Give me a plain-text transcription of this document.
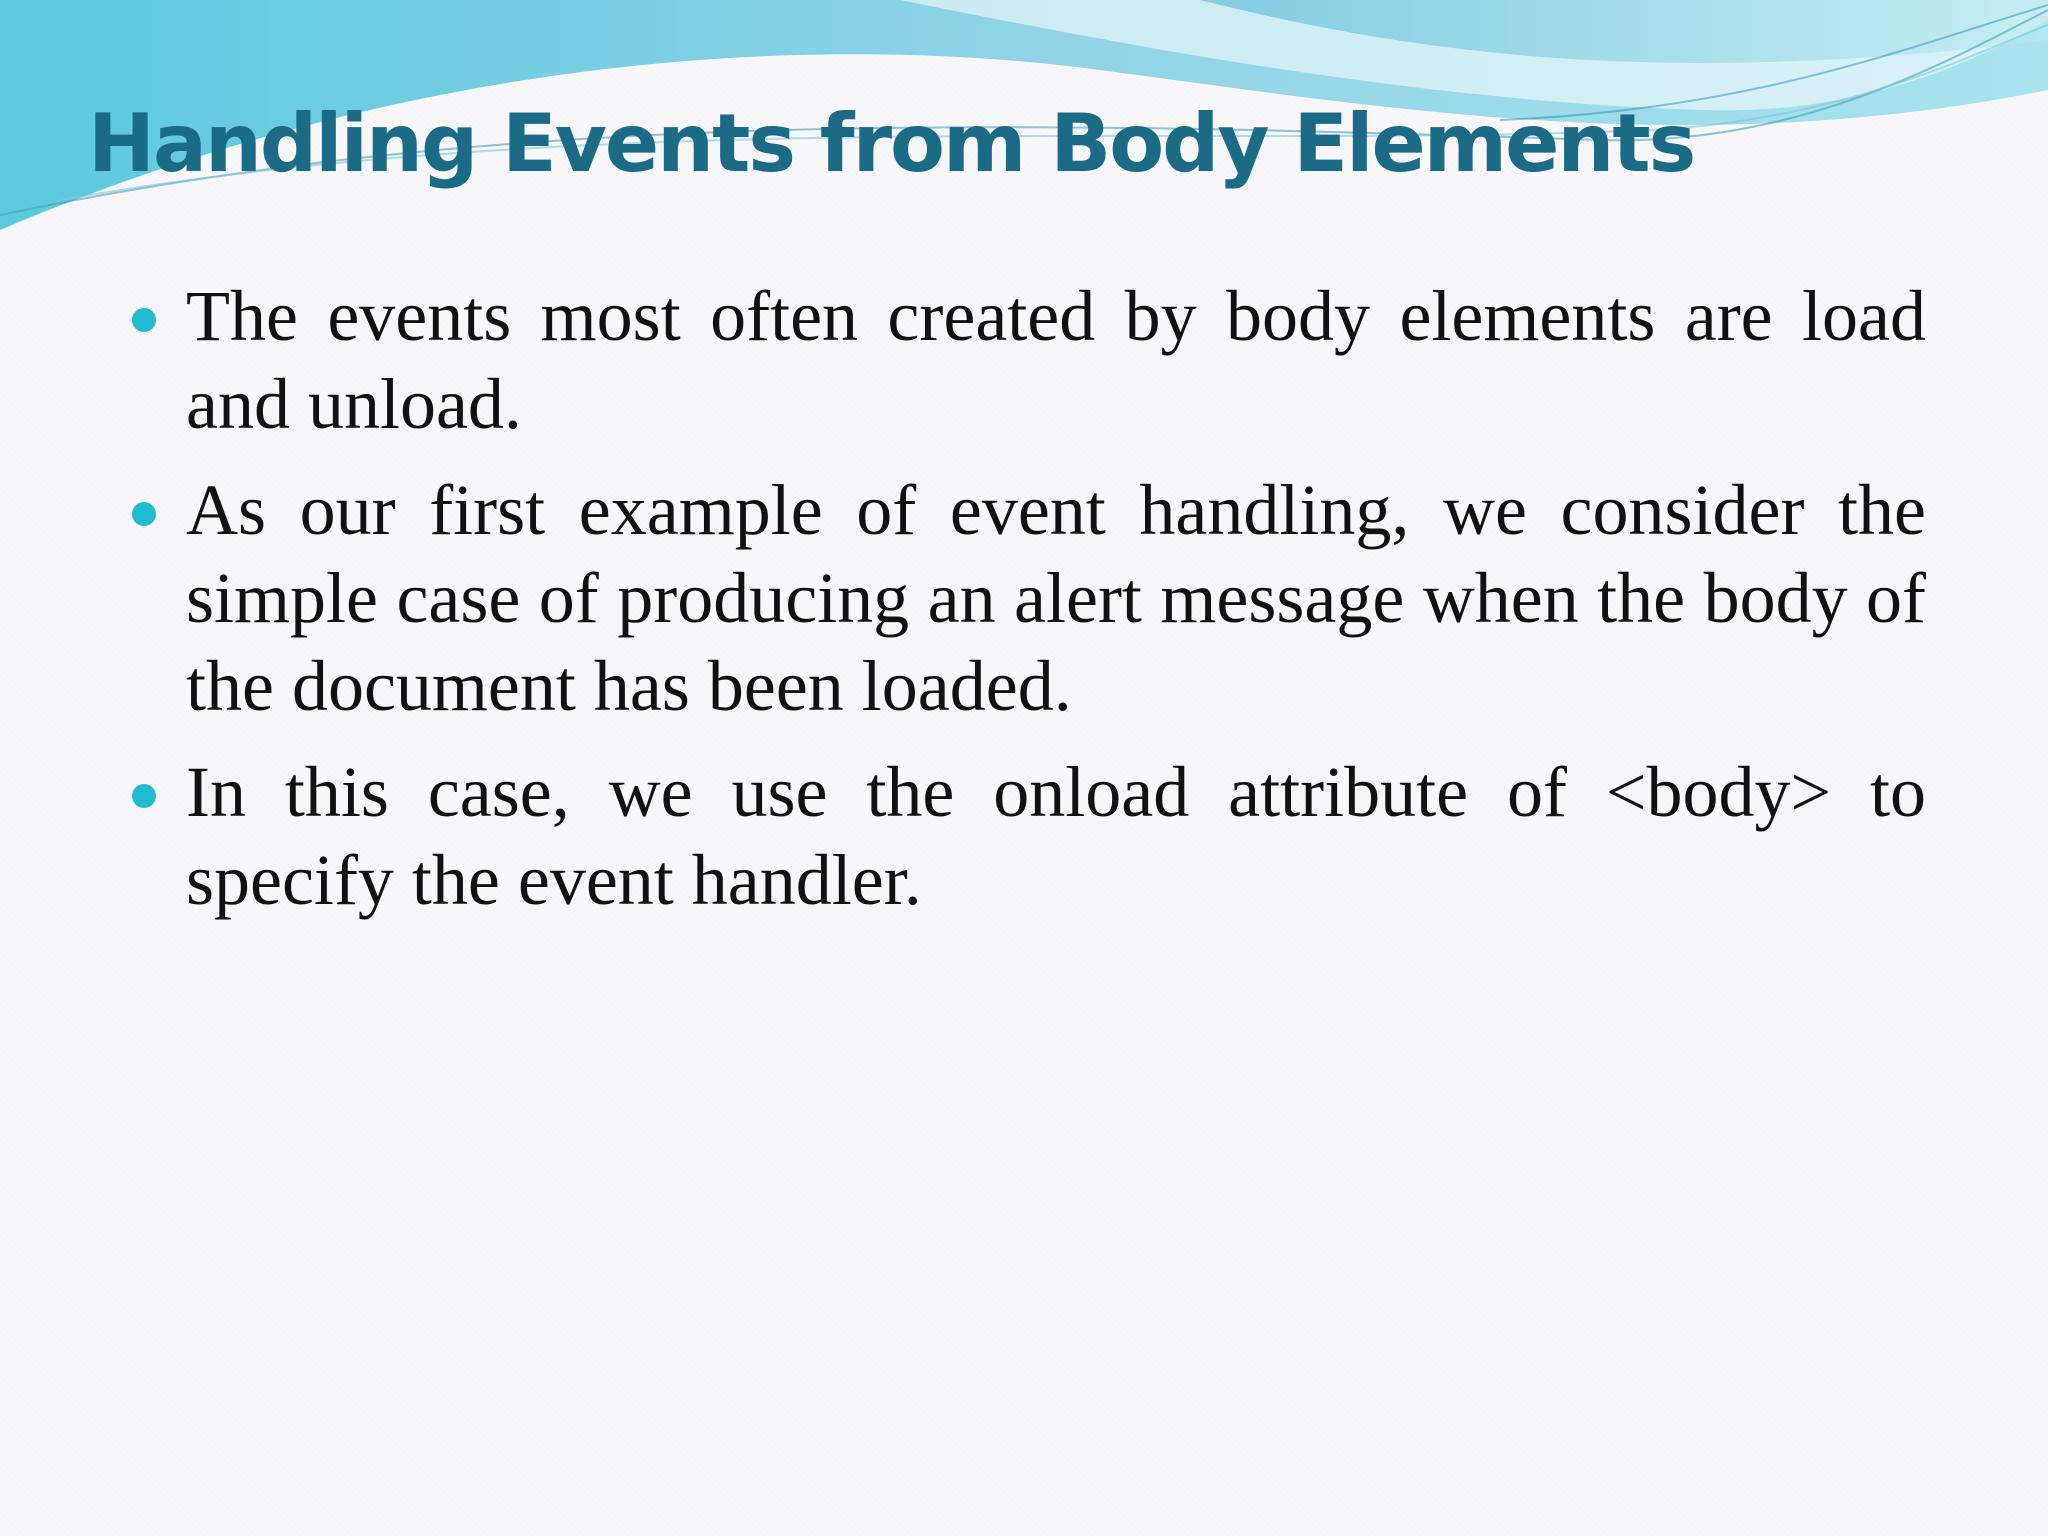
Handling Events from Body Elements
The events most often created by body elements are load and unload.
As our first example of event handling, we consider the simple case of producing an alert message when the body of the document has been loaded.
In this case, we use the onload attribute of <body> to specify the event handler.
